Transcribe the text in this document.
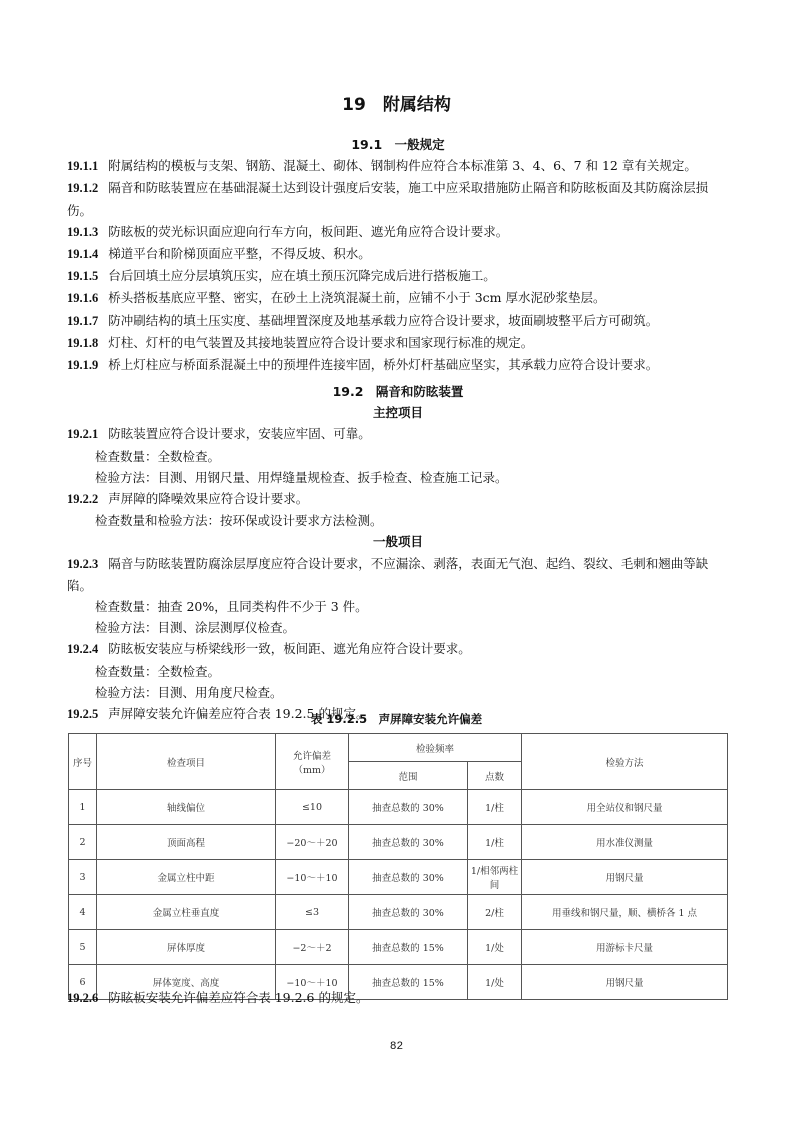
19　附属结构
19.1　一般规定
19.1.1 附属结构的模板与支架、钢筋、混凝土、砌体、钢制构件应符合本标准第 3、4、6、7 和 12 章有关规定。
19.1.2 隔音和防眩装置应在基础混凝土达到设计强度后安装，施工中应采取措施防止隔音和防眩板面及其防腐涂层损伤。
19.1.3 防眩板的荧光标识面应迎向行车方向，板间距、遮光角应符合设计要求。
19.1.4 梯道平台和阶梯顶面应平整，不得反坡、积水。
19.1.5 台后回填土应分层填筑压实，应在填土预压沉降完成后进行搭板施工。
19.1.6 桥头搭板基底应平整、密实，在砂土上浇筑混凝土前，应铺不小于 3cm 厚水泥砂浆垫层。
19.1.7 防冲刷结构的填土压实度、基础埋置深度及地基承载力应符合设计要求，坡面刷坡整平后方可砌筑。
19.1.8 灯柱、灯杆的电气装置及其接地装置应符合设计要求和国家现行标准的规定。
19.1.9 桥上灯柱应与桥面系混凝土中的预埋件连接牢固，桥外灯杆基础应坚实，其承载力应符合设计要求。
19.2　隔音和防眩装置
主控项目
19.2.1 防眩装置应符合设计要求，安装应牢固、可靠。
检查数量：全数检查。
检验方法：目测、用钢尺量、用焊缝量规检查、扳手检查、检查施工记录。
19.2.2 声屏障的降噪效果应符合设计要求。
检查数量和检验方法：按环保或设计要求方法检测。
一般项目
19.2.3 隔音与防眩装置防腐涂层厚度应符合设计要求，不应漏涂、剥落，表面无气泡、起绉、裂纹、毛刺和翘曲等缺陷。
检查数量：抽查 20%，且同类构件不少于 3 件。
检验方法：目测、涂层测厚仪检查。
19.2.4 防眩板安装应与桥梁线形一致，板间距、遮光角应符合设计要求。
检查数量：全数检查。
检验方法：目测、用角度尺检查。
19.2.5 声屏障安装允许偏差应符合表 19.2.5 的规定。
表 19.2.5　声屏障安装允许偏差
序号	检查项目	允许偏差（mm）	检验频率		检验方法
			范围	点数	
1	轴线偏位	≤10	抽查总数的 30%	1/柱	用全站仪和钢尺量
2	顶面高程	−20～＋20	抽查总数的 30%	1/柱	用水准仪测量
3	金属立柱中距	−10～＋10	抽查总数的 30%	1/相邻两柱间	用钢尺量
4	金属立柱垂直度	≤3	抽查总数的 30%	2/柱	用垂线和钢尺量，顺、横桥各 1 点
5	屏体厚度	−2～＋2	抽查总数的 15%	1/处	用游标卡尺量
6	屏体宽度、高度	−10～＋10	抽查总数的 15%	1/处	用钢尺量
19.2.6 防眩板安装允许偏差应符合表 19.2.6 的规定。
82
